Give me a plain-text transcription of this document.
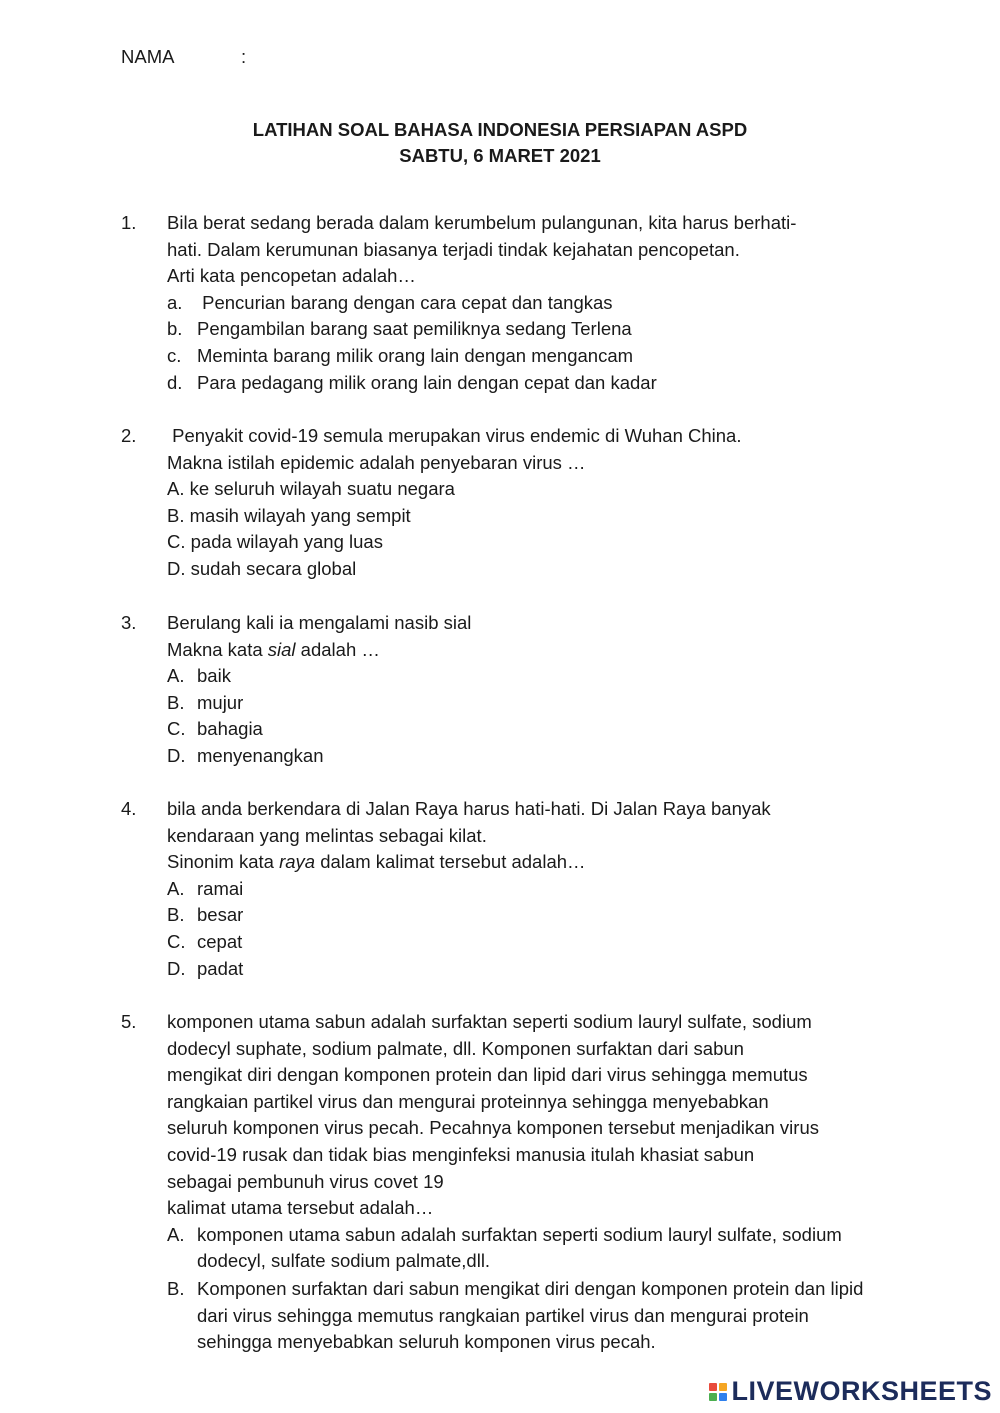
NAMA	:
LATIHAN SOAL BAHASA INDONESIA PERSIAPAN ASPD
SABTU, 6 MARET 2021
1. Bila berat sedang berada dalam kerumbelum pulangunan, kita harus berhati-
hati. Dalam kerumunan biasanya terjadi tindak kejahatan pencopetan.
Arti kata pencopetan adalah…
a. Pencurian barang dengan cara cepat dan tangkas
b. Pengambilan barang saat pemiliknya sedang Terlena
c. Meminta barang milik orang lain dengan mengancam
d. Para pedagang milik orang lain dengan cepat dan kadar
2. Penyakit covid-19 semula merupakan virus endemic di Wuhan China.
Makna istilah epidemic adalah penyebaran virus …
A. ke seluruh wilayah suatu negara
B. masih wilayah yang sempit
C. pada wilayah yang luas
D. sudah secara global
3. Berulang kali ia mengalami nasib sial
Makna kata sial adalah …
A. baik
B. mujur
C. bahagia
D. menyenangkan
4. bila anda berkendara di Jalan Raya harus hati-hati. Di Jalan Raya banyak
kendaraan yang melintas sebagai kilat.
Sinonim kata raya dalam kalimat tersebut adalah…
A. ramai
B. besar
C. cepat
D. padat
5. komponen utama sabun adalah surfaktan seperti sodium lauryl sulfate, sodium
dodecyl suphate, sodium palmate, dll. Komponen surfaktan dari sabun
mengikat diri dengan komponen protein dan lipid dari virus sehingga memutus
rangkaian partikel virus dan mengurai proteinnya sehingga menyebabkan
seluruh komponen virus pecah. Pecahnya komponen tersebut menjadikan virus
covid-19 rusak dan tidak bias menginfeksi manusia itulah khasiat sabun
sebagai pembunuh virus covet 19
kalimat utama tersebut adalah…
A. komponen utama sabun adalah surfaktan seperti sodium lauryl sulfate, sodium dodecyl, sulfate sodium palmate,dll.
B. Komponen surfaktan dari sabun mengikat diri dengan komponen protein dan lipid dari virus sehingga memutus rangkaian partikel virus dan mengurai protein sehingga menyebabkan seluruh komponen virus pecah.
LIVEWORKSHEETS
